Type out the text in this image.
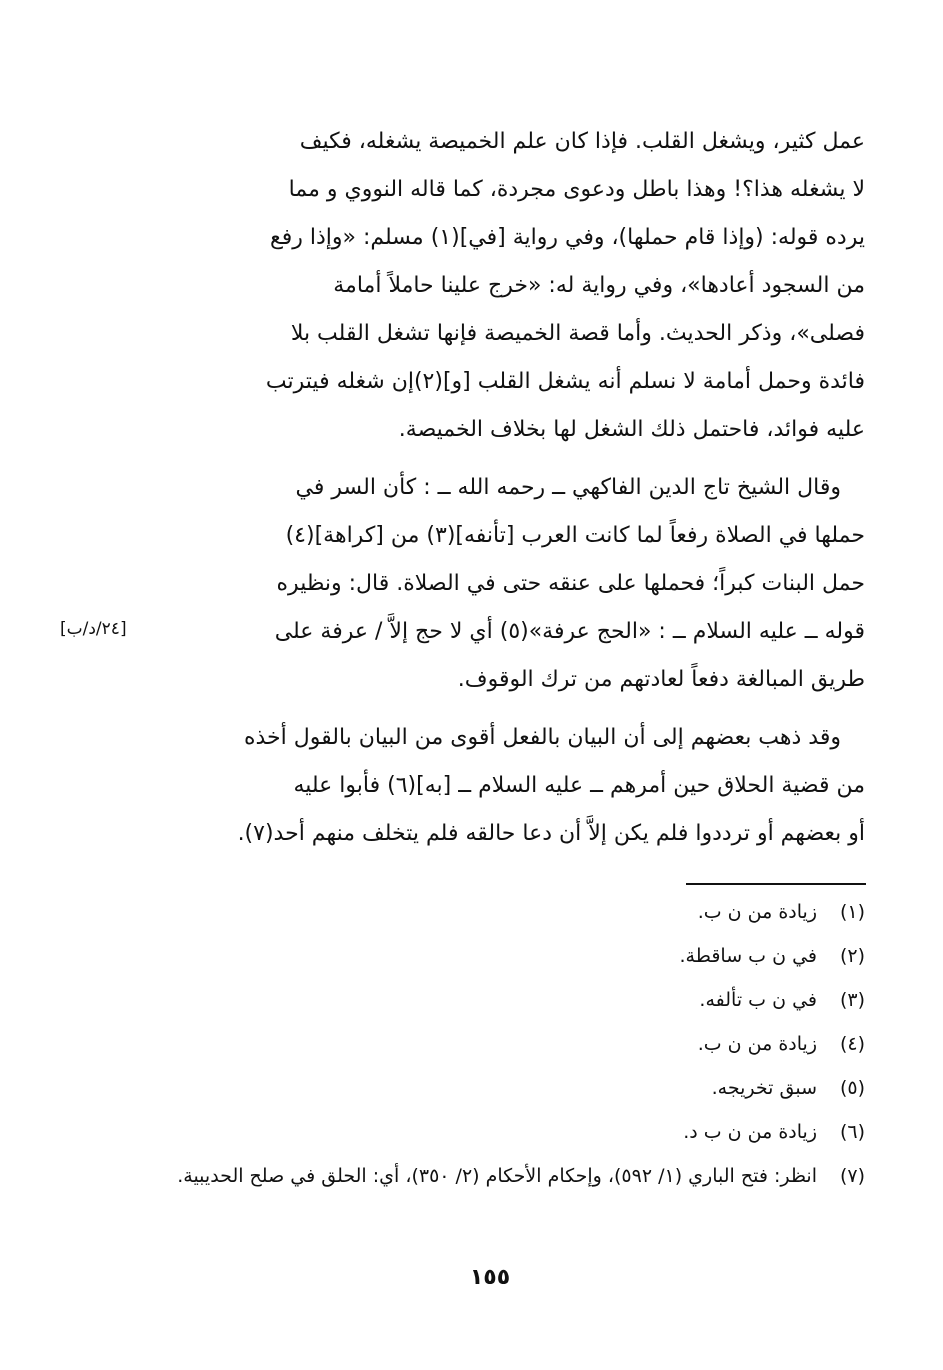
عمل كثير، ويشغل القلب. فإذا كان علم الخميصة يشغله، فكيف
لا يشغله هذا؟! وهذا باطل ودعوى مجردة، كما قاله النووي و مما
يرده قوله: (وإذا قام حملها)، وفي رواية [في](١) مسلم: «وإذا رفع
من السجود أعادها»، وفي رواية له: «خرج علينا حاملاً أمامة
فصلى»، وذكر الحديث. وأما قصة الخميصة فإنها تشغل القلب بلا
فائدة وحمل أمامة لا نسلم أنه يشغل القلب [و](٢)إن شغله فيترتب
عليه فوائد، فاحتمل ذلك الشغل لها بخلاف الخميصة.
وقال الشيخ تاج الدين الفاكهي ــ رحمه الله ــ : كأن السر في
حملها في الصلاة رفعاً لما كانت العرب [تأنفه](٣) من [كراهة](٤)
حمل البنات كبراً؛ فحملها على عنقه حتى في الصلاة. قال: ونظيره
قوله ــ عليه السلام ــ : «الحج عرفة»(٥) أي لا حج إلاَّ / عرفة على
طريق المبالغة دفعاً لعادتهم من ترك الوقوف.
[٢٤/د/ب]
وقد ذهب بعضهم إلى أن البيان بالفعل أقوى من البيان بالقول أخذه
من قضية الحلاق حين أمرهم ــ عليه السلام ــ [به](٦) فأبوا عليه
أو بعضهم أو ترددوا فلم يكن إلاَّ أن دعا حالقه فلم يتخلف منهم أحد(٧).
(١)
زيادة من ن ب.
(٢)
في ن ب ساقطة.
(٣)
في ن ب تألفه.
(٤)
زيادة من ن ب.
(٥)
سبق تخريجه.
(٦)
زيادة من ن ب د.
(٧)
انظر: فتح الباري (١/ ٥٩٢)، وإحكام الأحكام (٢/ ٣٥٠)، أي: الحلق في صلح الحديبية.
١٥٥
